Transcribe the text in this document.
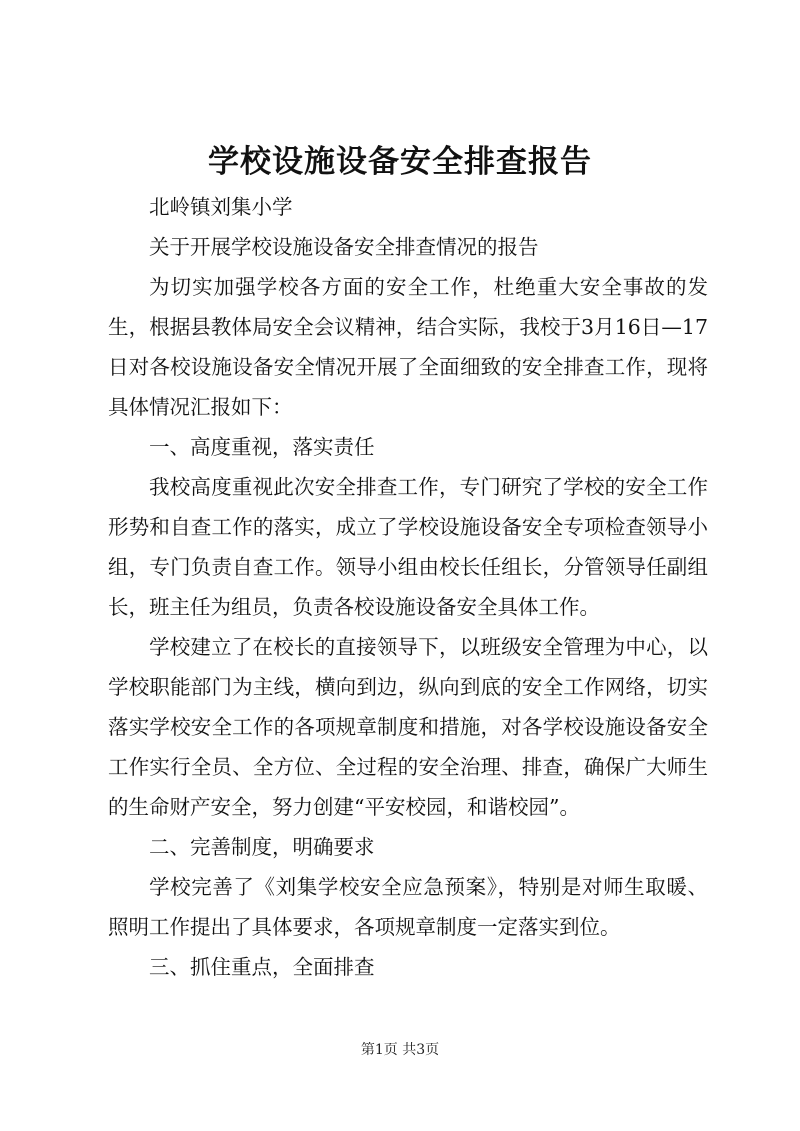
学校设施设备安全排查报告

北岭镇刘集小学

关于开展学校设施设备安全排查情况的报告

为切实加强学校各方面的安全工作，杜绝重大安全事故的发生，根据县教体局安全会议精神，结合实际，我校于3月16日—17日对各校设施设备安全情况开展了全面细致的安全排查工作，现将具体情况汇报如下：

一、高度重视，落实责任

我校高度重视此次安全排查工作，专门研究了学校的安全工作形势和自查工作的落实，成立了学校设施设备安全专项检查领导小组，专门负责自查工作。领导小组由校长任组长，分管领导任副组长，班主任为组员，负责各校设施设备安全具体工作。

学校建立了在校长的直接领导下，以班级安全管理为中心，以学校职能部门为主线，横向到边，纵向到底的安全工作网络，切实落实学校安全工作的各项规章制度和措施，对各学校设施设备安全工作实行全员、全方位、全过程的安全治理、排查，确保广大师生的生命财产安全，努力创建“平安校园，和谐校园”。

二、完善制度，明确要求

学校完善了《刘集学校安全应急预案》，特别是对师生取暖、照明工作提出了具体要求，各项规章制度一定落实到位。

三、抓住重点，全面排查

第1页 共3页
